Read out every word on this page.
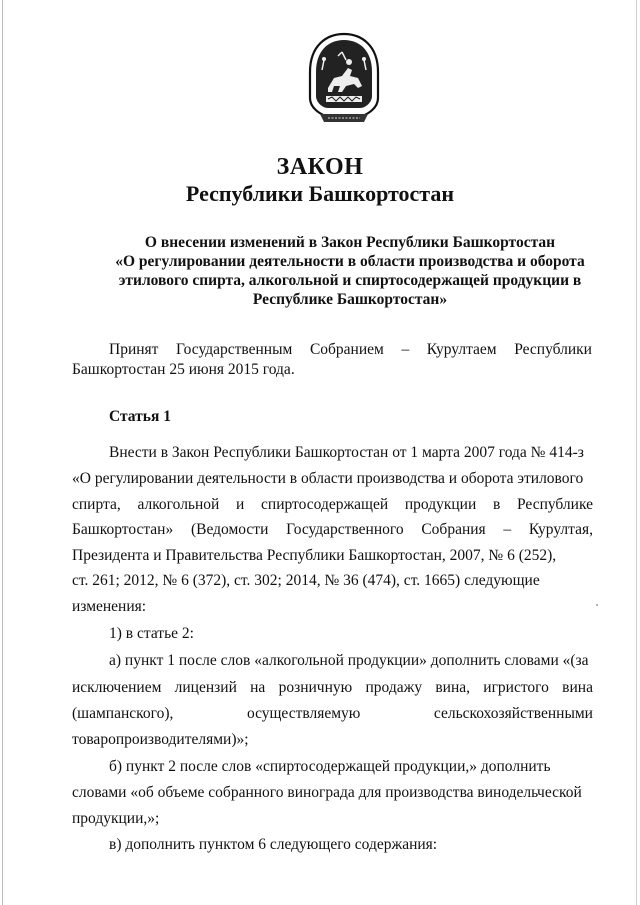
ЗАКОН
Республики Башкортостан
О внесении изменений в Закон Республики Башкортостан
«О регулировании деятельности в области производства и оборота
этилового спирта, алкогольной и спиртосодержащей продукции в
Республике Башкортостан»
Принят Государственным Собранием – Курултаем Республики
Башкортостан 25 июня 2015 года.
Статья 1
Внести в Закон Республики Башкортостан от 1 марта 2007 года № 414-з
«О регулировании деятельности в области производства и оборота этилового
спирта, алкогольной и спиртосодержащей продукции в Республике
Башкортостан» (Ведомости Государственного Собрания – Курултая,
Президента и Правительства Республики Башкортостан, 2007, № 6 (252),
ст. 261; 2012, № 6 (372), ст. 302; 2014, № 36 (474), ст. 1665) следующие
изменения:
1) в статье 2:
а) пункт 1 после слов «алкогольной продукции» дополнить словами «(за
исключением лицензий на розничную продажу вина, игристого вина
(шампанского),	осуществляемую	сельскохозяйственными
товаропроизводителями)»;
б) пункт 2 после слов «спиртосодержащей продукции,» дополнить
словами «об объеме собранного винограда для производства винодельческой
продукции,»;
в) дополнить пунктом 6 следующего содержания:
